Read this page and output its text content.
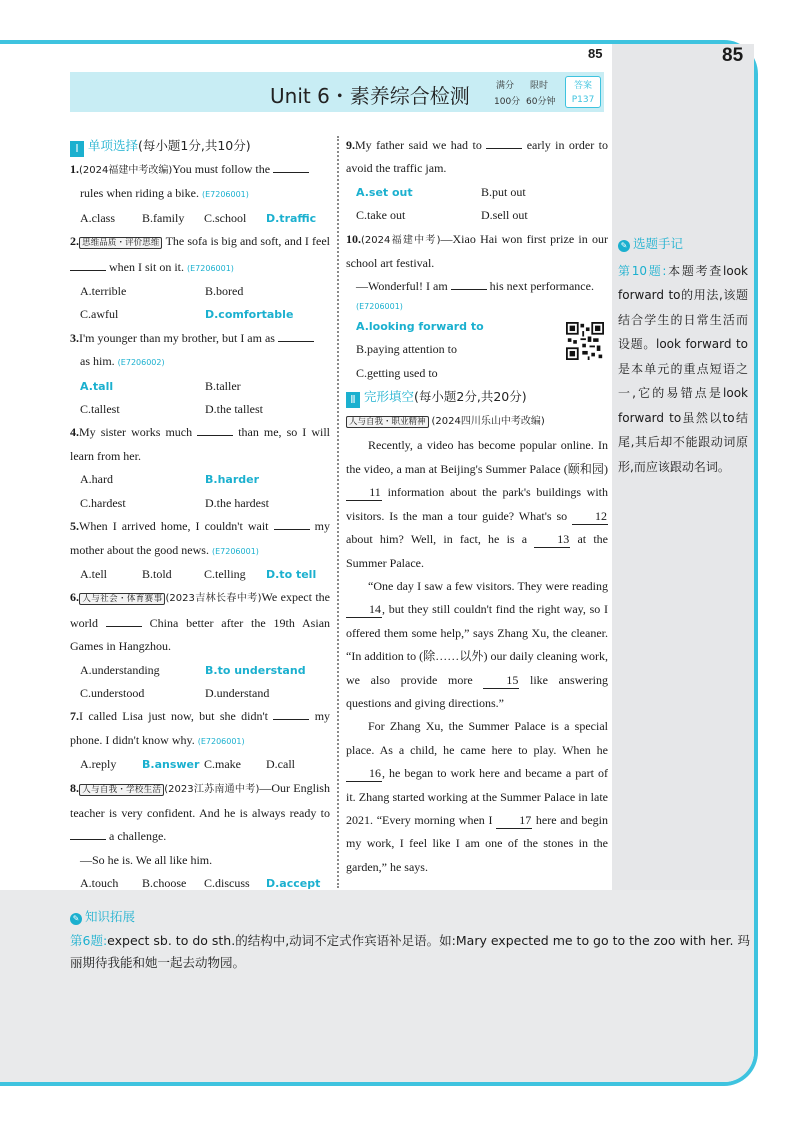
85	85
Unit 6・素养综合检测	满分
100分
限时
60分钟
答案
P137
Ⅰ 单项选择(每小题1分,共10分)
1.(2024福建中考改编)You must follow the
rules when riding a bike. (E7206001)
A.class	B.family	C.school	D.traffic
2. 思维品质・评价思维 The sofa is big and soft, and I feel  when I sit on it. (E7206001)
A.terrible	B.bored
C.awful	D.comfortable
3.I'm younger than my brother, but I am as
as him. (E7206002)
A.tall	B.taller
C.tallest	D.the tallest
4.My sister works much	than me, so I will learn from her.
A.hard	B.harder
C.hardest	D.the hardest
5.When I arrived home, I couldn't wait	my mother about the good news. (E7206001)
A.tell	B.told	C.telling	D.to tell
6. 人与社会・体育赛事 (2023吉林长春中考)We expect the world	China better after the 19th Asian Games in Hangzhou.
A.understanding	B.to understand
C.understood	D.understand
7.I called Lisa just now, but she didn't	my phone. I didn't know why. (E7206001)
A.reply	B.answer C.make	D.call
8. 人与自我・学校生活 (2023江苏南通中考)—Our English teacher is very confident. And he is always ready to  a challenge.
—So he is. We all like him.
A.touch	B.choose	C.discuss	D.accept
9.My father said we had to	early in order to avoid the traffic jam.
A.set out	B.put out
C.take out	D.sell out
10.(2024福建中考)—Xiao Hai won first prize in our school art festival.
—Wonderful! I am	his next performance.
(E7206001)
A.looking forward to
B.paying attention to
C.getting used to
Ⅱ 完形填空(每小题2分,共20分)
人与自我・职业精神 (2024四川乐山中考改编)

Recently, a video has become popular online. In the video, a man at Beijing's Summer Palace (颐和园) 11 information about the park's buildings with visitors. Is the man a tour guide? What's so 12 about him? Well, in fact, he is a 13 at the Summer Palace.

“One day I saw a few visitors. They were reading 14, but they still couldn't find the right way, so I offered them some help,” says Zhang Xu, the cleaner. “In addition to (除……以外) our daily cleaning work, we also provide more 15 like answering questions and giving directions.”

For Zhang Xu, the Summer Palace is a special place. As a child, he came here to play. When he 16, he began to work here and became a part of it. Zhang started working at the Summer Palace in late 2021. “Every morning when I 17 here and begin my work, I feel like I am one of the stones in the garden,” he says.

✎ 选题手记
第10题:本题考查look forward to的用法,该题结合学生的日常生活而设题。look forward to是本单元的重点短语之一,它的易错点是look forward to虽然以to结尾,其后却不能跟动词原形,而应该跟动名词。
✎ 知识拓展
第6题:expect sb. to do sth.的结构中,动词不定式作宾语补足语。如:Mary expected me to go to the zoo with her. 玛丽期待我能和她一起去动物园。
